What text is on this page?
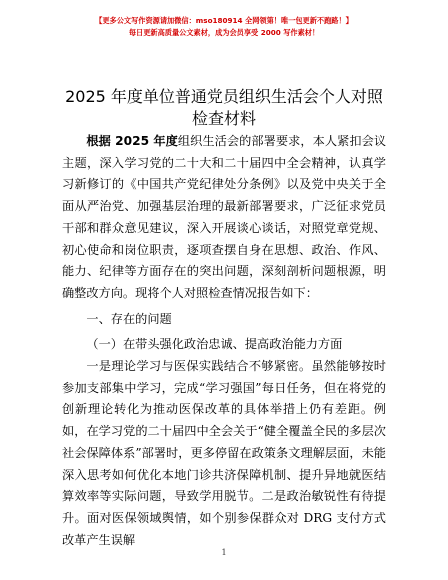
【更多公文写作资源请加微信：mso180914 全网领第！唯一包更新不跑路！】
每日更新高质量公文素材，成为会员享受 2000 写作素材！
2025 年度单位普通党员组织生活会个人对照检查材料

根据 2025 年度组织生活会的部署要求，本人紧扣会议主题，深入学习党的二十大和二十届四中全会精神，认真学习新修订的《中国共产党纪律处分条例》以及党中央关于全面从严治党、加强基层治理的最新部署要求，广泛征求党员干部和群众意见建议，深入开展谈心谈话，对照党章党规、初心使命和岗位职责，逐项查摆自身在思想、政治、作风、能力、纪律等方面存在的突出问题，深刻剖析问题根源，明确整改方向。现将个人对照检查情况报告如下：

一、存在的问题

（一）在带头强化政治忠诚、提高政治能力方面

一是理论学习与医保实践结合不够紧密。虽然能够按时参加支部集中学习，完成“学习强国”每日任务，但在将党的创新理论转化为推动医保改革的具体举措上仍有差距。例如，在学习党的二十届四中全会关于“健全覆盖全民的多层次社会保障体系”部署时，更多停留在政策条文理解层面，未能深入思考如何优化本地门诊共济保障机制、提升异地就医结算效率等实际问题，导致学用脱节。二是政治敏锐性有待提升。面对医保领域舆情，如个别参保群众对 DRG 支付方式改革产生误解

1
